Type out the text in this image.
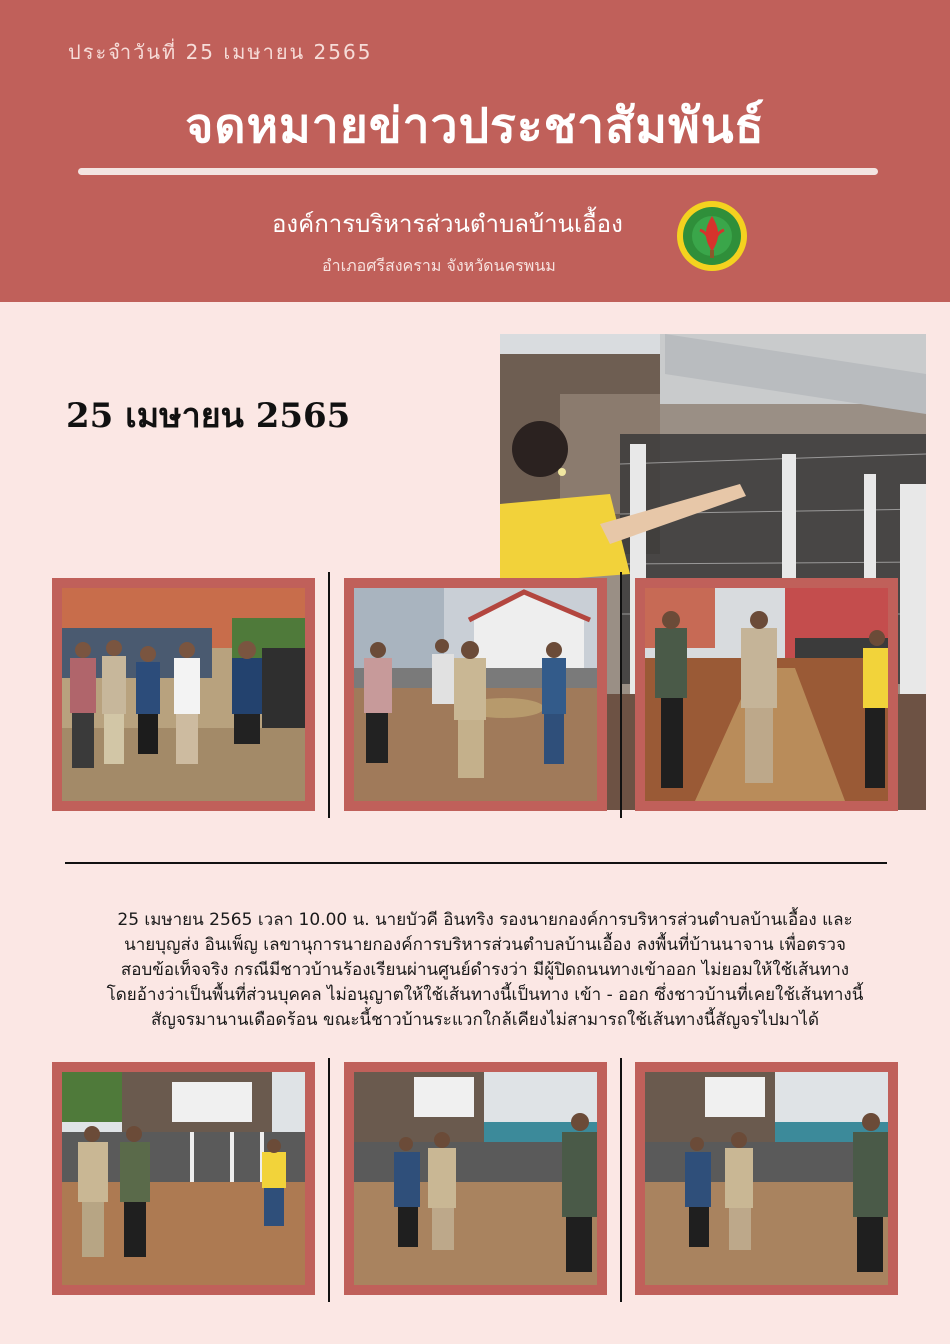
ประจำวันที่ 25 เมษายน 2565
จดหมายข่าวประชาสัมพันธ์
องค์การบริหารส่วนตำบลบ้านเอื้อง
อำเภอศรีสงคราม จังหวัดนครพนม
25 เมษายน 2565
25 เมษายน 2565 เวลา 10.00 น. นายบัวคี อินทริง รองนายกองค์การบริหารส่วนตำบลบ้านเอื้อง และ
นายบุญส่ง อินเพ็ญ เลขานุการนายกองค์การบริหารส่วนตำบลบ้านเอื้อง ลงพื้นที่บ้านนาจาน เพื่อตรวจ
สอบข้อเท็จจริง กรณีมีชาวบ้านร้องเรียนผ่านศูนย์ดำรงว่า มีผู้ปิดถนนทางเข้าออก ไม่ยอมให้ใช้เส้นทาง
โดยอ้างว่าเป็นพื้นที่ส่วนบุคคล ไม่อนุญาตให้ใช้เส้นทางนี้เป็นทาง เข้า - ออก ซึ่งชาวบ้านที่เคยใช้เส้นทางนี้
สัญจรมานานเดือดร้อน ขณะนี้ชาวบ้านระแวกใกล้เคียงไม่สามารถใช้เส้นทางนี้สัญจรไปมาได้
